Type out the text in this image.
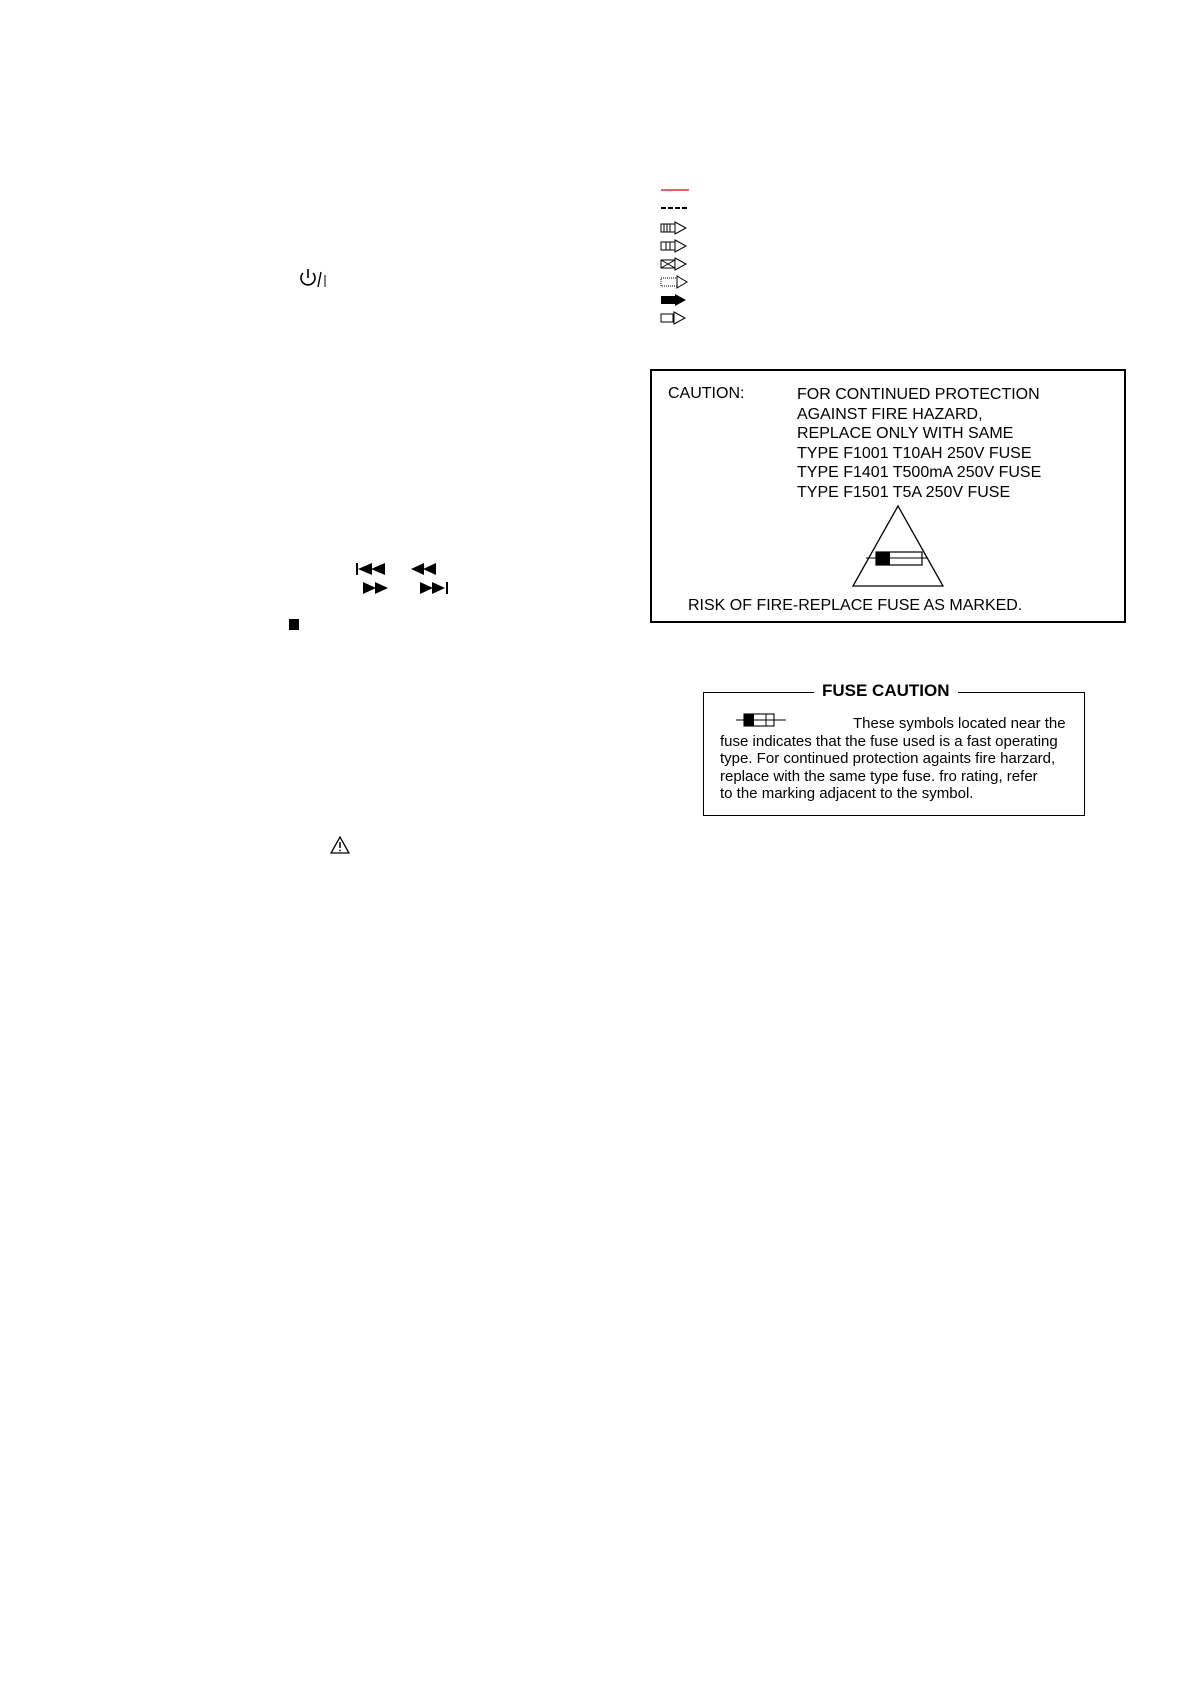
CAUTION:	FOR CONTINUED PROTECTION
AGAINST FIRE HAZARD,
REPLACE ONLY WITH SAME
TYPE F1001 T10AH 250V FUSE
TYPE F1401 T500mA 250V FUSE
TYPE F1501 T5A 250V FUSE
RISK OF FIRE-REPLACE FUSE AS MARKED.
FUSE CAUTION
These symbols located near the
fuse indicates that the fuse used is a fast operating
type. For continued protection againts fire harzard,
replace with the same type fuse. fro rating, refer
to the marking adjacent to the symbol.
